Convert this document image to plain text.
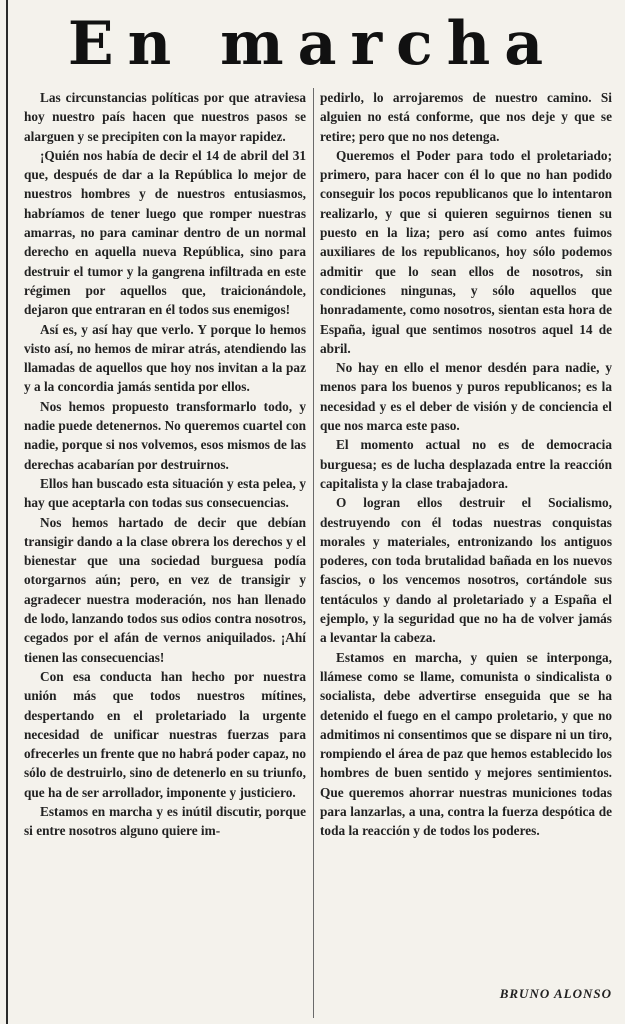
En marcha

Las circunstancias políticas por que atraviesa hoy nuestro país hacen que nuestros pasos se alarguen y se precipiten con la mayor rapidez.

¡Quién nos había de decir el 14 de abril del 31 que, después de dar a la República lo mejor de nuestros hombres y de nuestros entusiasmos, habríamos de tener luego que romper nuestras amarras, no para caminar dentro de un normal derecho en aquella nueva República, sino para destruir el tumor y la gangrena infiltrada en este régimen por aquellos que, traicionándole, dejaron que entraran en él todos sus enemigos!

Así es, y así hay que verlo. Y porque lo hemos visto así, no hemos de mirar atrás, atendiendo las llamadas de aquellos que hoy nos invitan a la paz y a la concordia jamás sentida por ellos.

Nos hemos propuesto transformarlo todo, y nadie puede detenernos. No queremos cuartel con nadie, porque si nos volvemos, esos mismos de las derechas acabarían por destruirnos.

Ellos han buscado esta situación y esta pelea, y hay que aceptarla con todas sus consecuencias.

Nos hemos hartado de decir que debían transigir dando a la clase obrera los derechos y el bienestar que una sociedad burguesa podía otorgarnos aún; pero, en vez de transigir y agradecer nuestra moderación, nos han llenado de lodo, lanzando todos sus odios contra nosotros, cegados por el afán de vernos aniquilados. ¡Ahí tienen las consecuencias!

Con esa conducta han hecho por nuestra unión más que todos nuestros mítines, despertando en el proletariado la urgente necesidad de unificar nuestras fuerzas para ofrecerles un frente que no habrá poder capaz, no sólo de destruirlo, sino de detenerlo en su triunfo, que ha de ser arrollador, imponente y justiciero.

Estamos en marcha y es inútil discutir, porque si entre nosotros alguno quiere im-

pedirlo, lo arrojaremos de nuestro camino. Si alguien no está conforme, que nos deje y que se retire; pero que no nos detenga.

Queremos el Poder para todo el proletariado; primero, para hacer con él lo que no han podido conseguir los pocos republicanos que lo intentaron realizarlo, y que si quieren seguirnos tienen su puesto en la liza; pero así como antes fuimos auxiliares de los republicanos, hoy sólo podemos admitir que lo sean ellos de nosotros, sin condiciones ningunas, y sólo aquellos que honradamente, como nosotros, sientan esta hora de España, igual que sentimos nosotros aquel 14 de abril.

No hay en ello el menor desdén para nadie, y menos para los buenos y puros republicanos; es la necesidad y es el deber de visión y de conciencia el que nos marca este paso.

El momento actual no es de democracia burguesa; es de lucha desplazada entre la reacción capitalista y la clase trabajadora.

O logran ellos destruir el Socialismo, destruyendo con él todas nuestras conquistas morales y materiales, entronizando los antiguos poderes, con toda brutalidad bañada en los nuevos fascios, o los vencemos nosotros, cortándole sus tentáculos y dando al proletariado y a España el ejemplo, y la seguridad que no ha de volver jamás a levantar la cabeza.

Estamos en marcha, y quien se interponga, llámese como se llame, comunista o sindicalista o socialista, debe advertirse enseguida que se ha detenido el fuego en el campo proletario, y que no admitimos ni consentimos que se dispare ni un tiro, rompiendo el área de paz que hemos establecido los hombres de buen sentido y mejores sentimientos. Que queremos ahorrar nuestras municiones todas para lanzarlas, a una, contra la fuerza despótica de toda la reacción y de todos los poderes.

BRUNO ALONSO
